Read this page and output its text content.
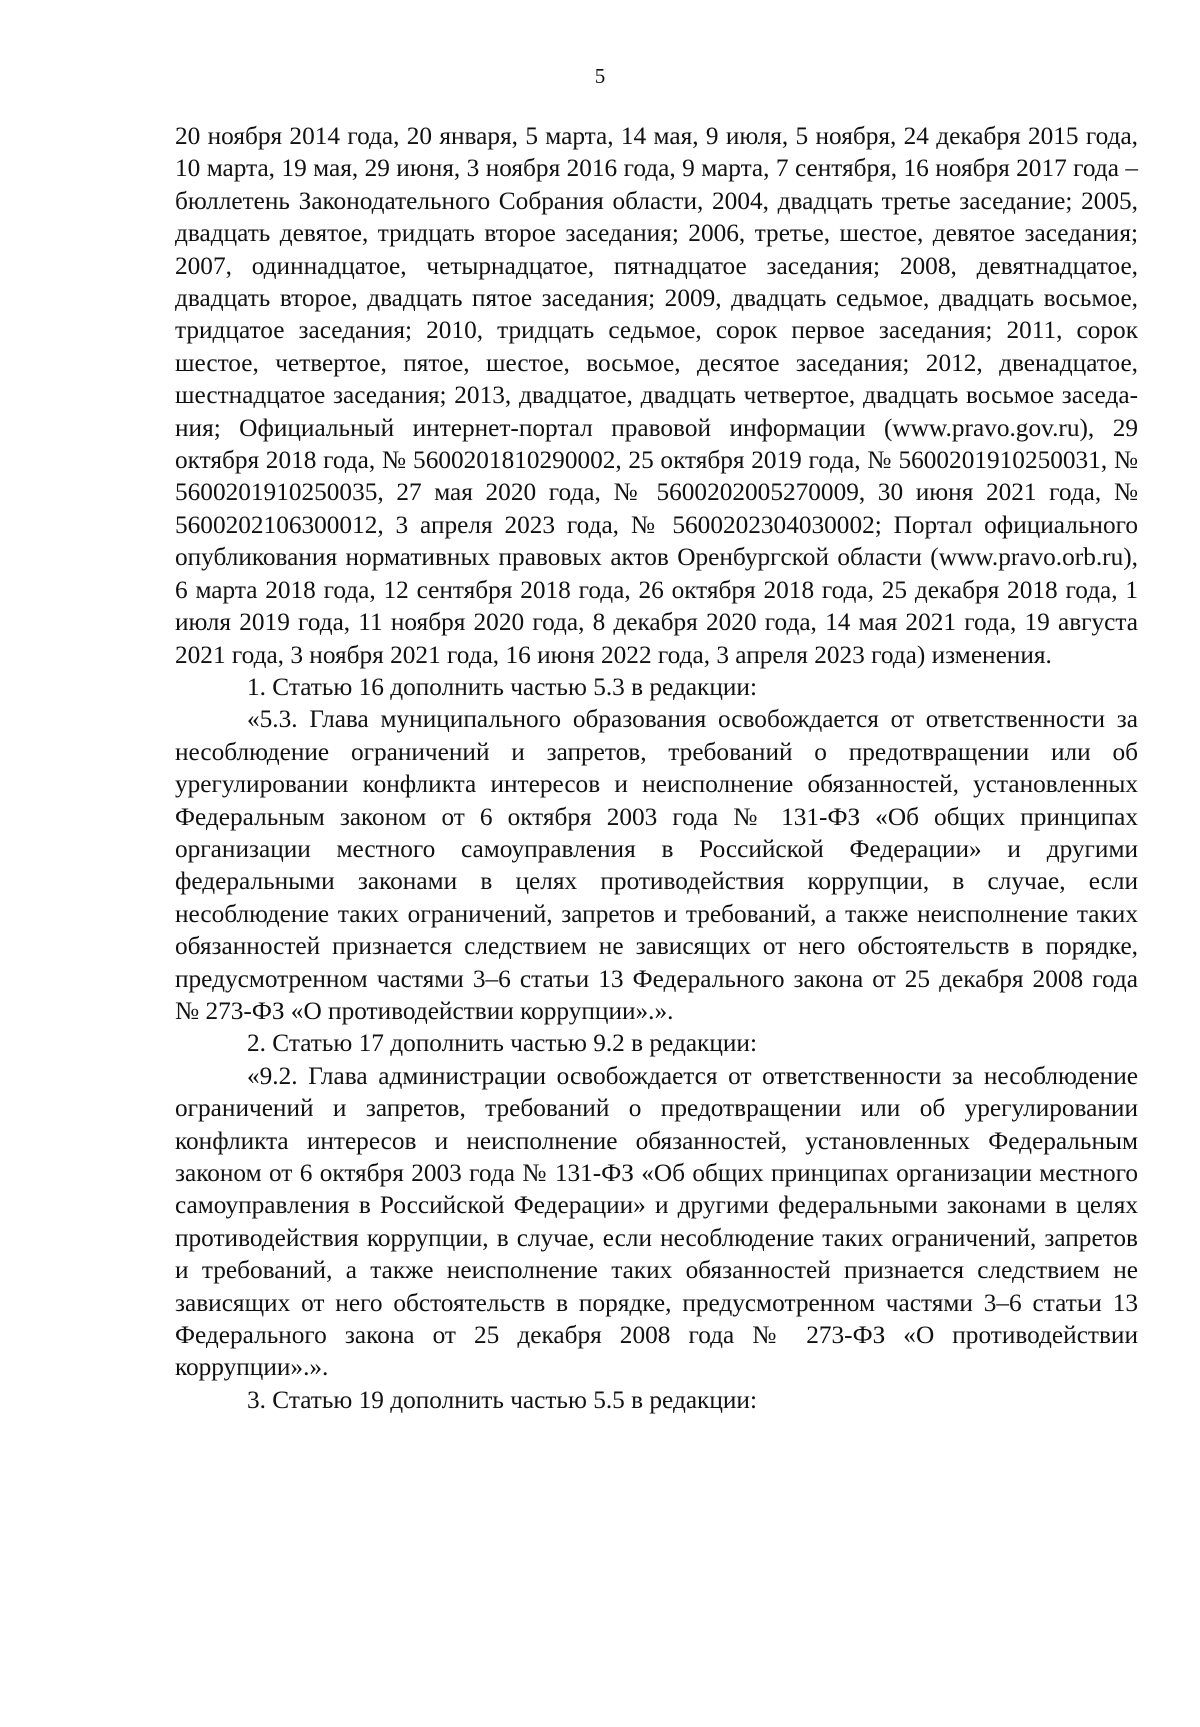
5

20 ноября 2014 года, 20 января, 5 марта, 14 мая, 9 июля, 5 ноября, 24 декабря 2015 года, 10 марта, 19 мая, 29 июня, 3 ноября 2016 года, 9 марта, 7 сентября, 16 ноября 2017 года – бюллетень Законодательного Собрания области, 2004, двадцать третье заседание; 2005, двадцать девятое, тридцать второе заседания; 2006, третье, шестое, девятое заседания; 2007, одиннадцатое, четырнадцатое, пятнадцатое заседания; 2008, девятнадцатое, двадцать второе, двадцать пятое заседания; 2009, двадцать седьмое, двадцать восьмое, тридцатое заседания; 2010, тридцать седьмое, сорок первое заседания; 2011, сорок шестое, четвертое, пятое, шестое, восьмое, десятое заседания; 2012, двенадцатое, шестнадцатое заседания; 2013, двадцатое, двадцать четвертое, двадцать восьмое заседания; Официальный интернет-портал правовой информации (www.pravo.gov.ru), 29 октября 2018 года, № 5600201810290002, 25 октября 2019 года, № 5600201910250031, № 5600201910250035, 27 мая 2020 года, № 5600202005270009, 30 июня 2021 года, № 5600202106300012, 3 апреля 2023 года, № 5600202304030002; Портал официального опубликования нормативных правовых актов Оренбургской области (www.pravo.orb.ru), 6 марта 2018 года, 12 сентября 2018 года, 26 октября 2018 года, 25 декабря 2018 года, 1 июля 2019 года, 11 ноября 2020 года, 8 декабря 2020 года, 14 мая 2021 года, 19 августа 2021 года, 3 ноября 2021 года, 16 июня 2022 года, 3 апреля 2023 года) изменения.

1. Статью 16 дополнить частью 5.3 в редакции:

«5.3. Глава муниципального образования освобождается от ответственности за несоблюдение ограничений и запретов, требований о предотвращении или об урегулировании конфликта интересов и неисполнение обязанностей, установленных Федеральным законом от 6 октября 2003 года № 131-ФЗ «Об общих принципах организации местного самоуправления в Российской Федерации» и другими федеральными законами в целях противодействия коррупции, в случае, если несоблюдение таких ограничений, запретов и требований, а также неисполнение таких обязанностей признается следствием не зависящих от него обстоятельств в порядке, предусмотренном частями 3–6 статьи 13 Федерального закона от 25 декабря 2008 года № 273-ФЗ «О противодействии коррупции».».

2. Статью 17 дополнить частью 9.2 в редакции:

«9.2. Глава администрации освобождается от ответственности за несоблюдение ограничений и запретов, требований о предотвращении или об урегулировании конфликта интересов и неисполнение обязанностей, установленных Федеральным законом от 6 октября 2003 года № 131-ФЗ «Об общих принципах организации местного самоуправления в Российской Федерации» и другими федеральными законами в целях противодействия коррупции, в случае, если несоблюдение таких ограничений, запретов и требований, а также неисполнение таких обязанностей признается следствием не зависящих от него обстоятельств в порядке, предусмотренном частями 3–6 статьи 13 Федерального закона от 25 декабря 2008 года № 273-ФЗ «О противодействии коррупции».».

3. Статью 19 дополнить частью 5.5 в редакции:
